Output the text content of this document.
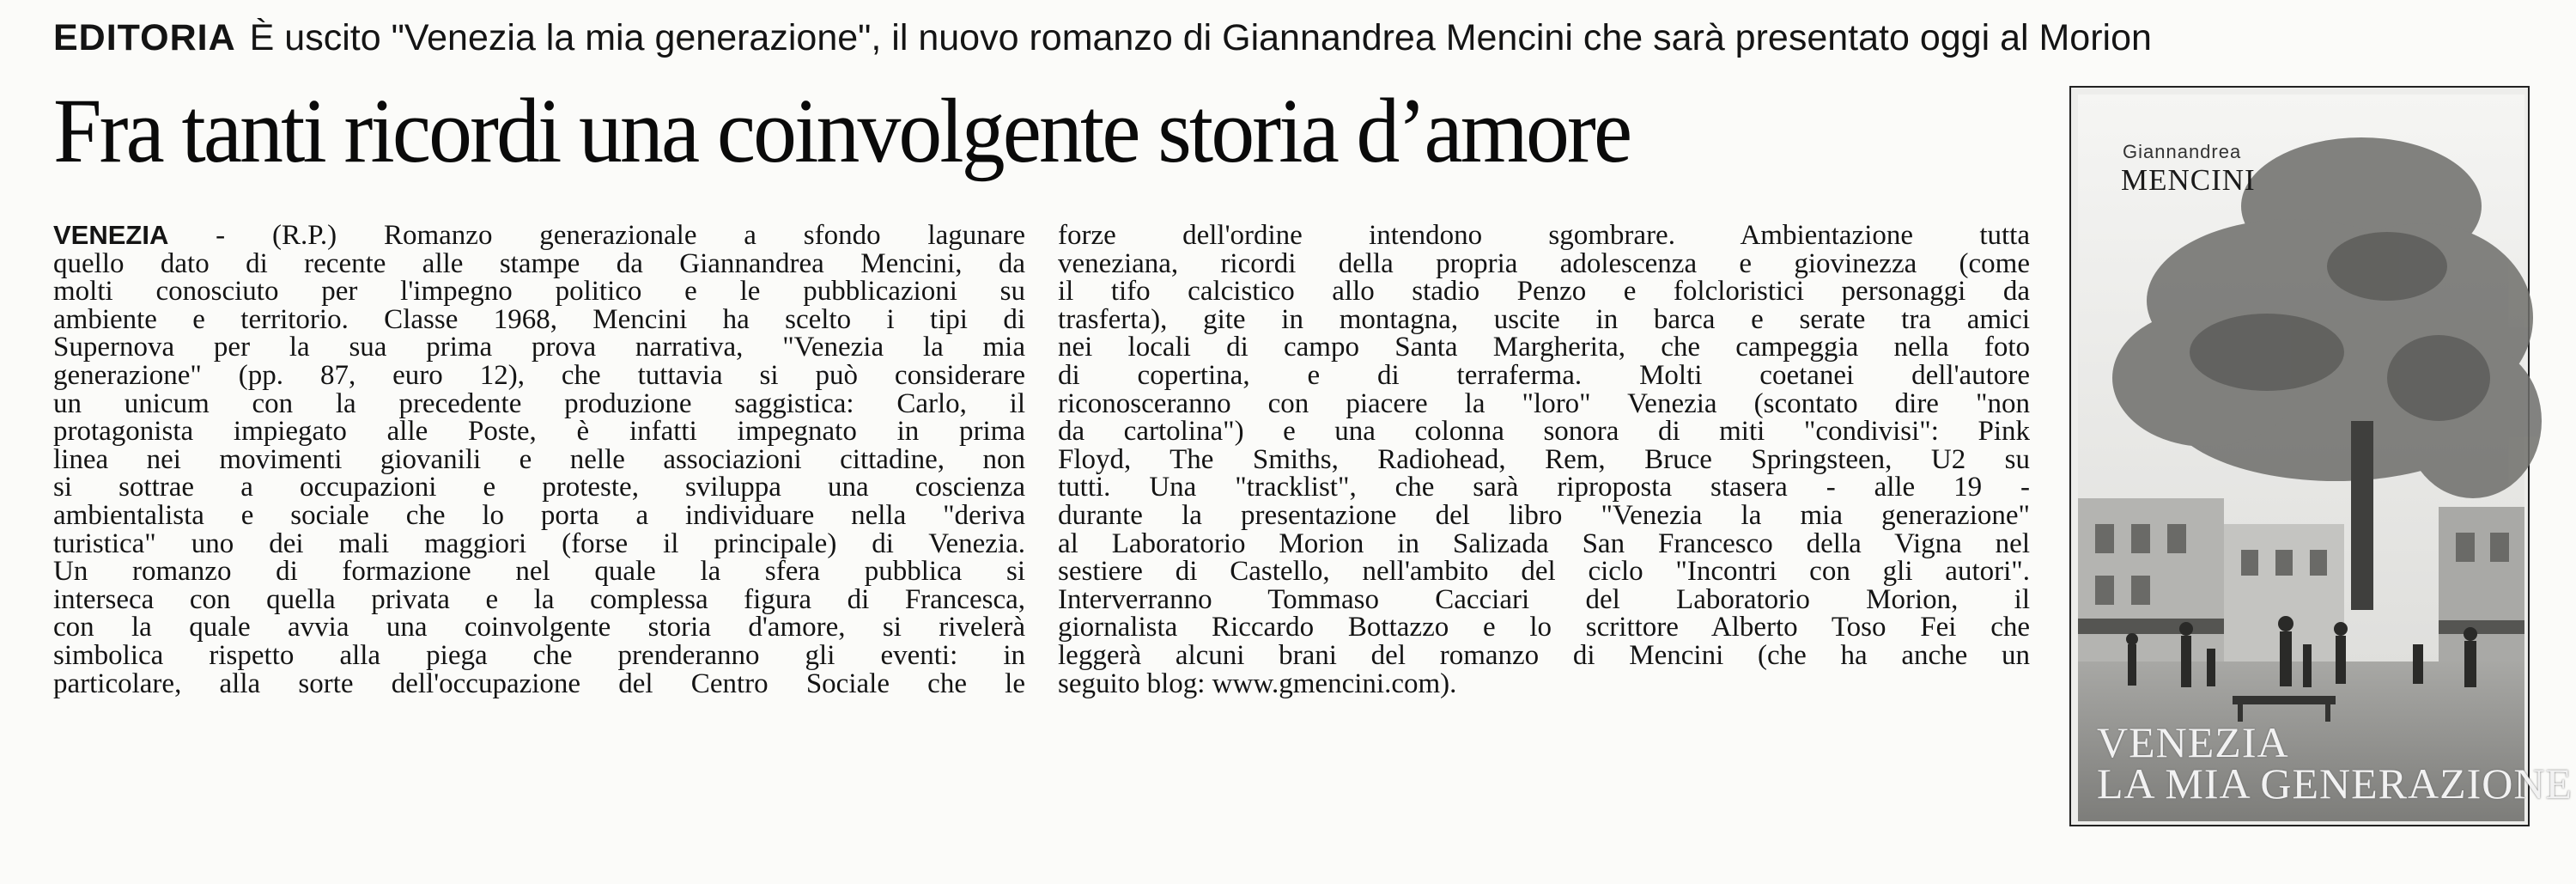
EDITORIA È uscito "Venezia la mia generazione", il nuovo romanzo di Giannandrea Mencini che sarà presentato oggi al Morion
Fra tanti ricordi una coinvolgente storia d’amore
VENEZIA - (R.P.) Romanzo generazionale a sfondo lagunare
quello dato di recente alle stampe da Giannandrea Mencini, da
molti conosciuto per l'impegno politico e le pubblicazioni su
ambiente e territorio. Classe 1968, Mencini ha scelto i tipi di
Supernova per la sua prima prova narrativa, "Venezia la mia
generazione" (pp. 87, euro 12), che tuttavia si può considerare
un unicum con la precedente produzione saggistica: Carlo, il
protagonista impiegato alle Poste, è infatti impegnato in prima
linea nei movimenti giovanili e nelle associazioni cittadine, non
si sottrae a occupazioni e proteste, sviluppa una coscienza
ambientalista e sociale che lo porta a individuare nella "deriva
turistica" uno dei mali maggiori (forse il principale) di Venezia.
Un romanzo di formazione nel quale la sfera pubblica si
interseca con quella privata e la complessa figura di Francesca,
con la quale avvia una coinvolgente storia d'amore, si rivelerà
simbolica rispetto alla piega che prenderanno gli eventi: in
particolare, alla sorte dell'occupazione del Centro Sociale che le
forze dell'ordine intendono sgombrare. Ambientazione tutta
veneziana, ricordi della propria adolescenza e giovinezza (come
il tifo calcistico allo stadio Penzo e folcloristici personaggi da
trasferta), gite in montagna, uscite in barca e serate tra amici
nei locali di campo Santa Margherita, che campeggia nella foto
di copertina, e di terraferma. Molti coetanei dell'autore
riconosceranno con piacere la "loro" Venezia (scontato dire "non
da cartolina") e una colonna sonora di miti "condivisi": Pink
Floyd, The Smiths, Radiohead, Rem, Bruce Springsteen, U2 su
tutti. Una "tracklist", che sarà riproposta stasera - alle 19 -
durante la presentazione del libro "Venezia la mia generazione"
al Laboratorio Morion in Salizada San Francesco della Vigna nel
sestiere di Castello, nell'ambito del ciclo "Incontri con gli autori".
Interverranno Tommaso Cacciari del Laboratorio Morion, il
giornalista Riccardo Bottazzo e lo scrittore Alberto Toso Fei che
leggerà alcuni brani del romanzo di Mencini (che ha anche un
seguito blog: www.gmencini.com).
Giannandrea
MENCINI
VENEZIA
LA MIA GENERAZIONE
